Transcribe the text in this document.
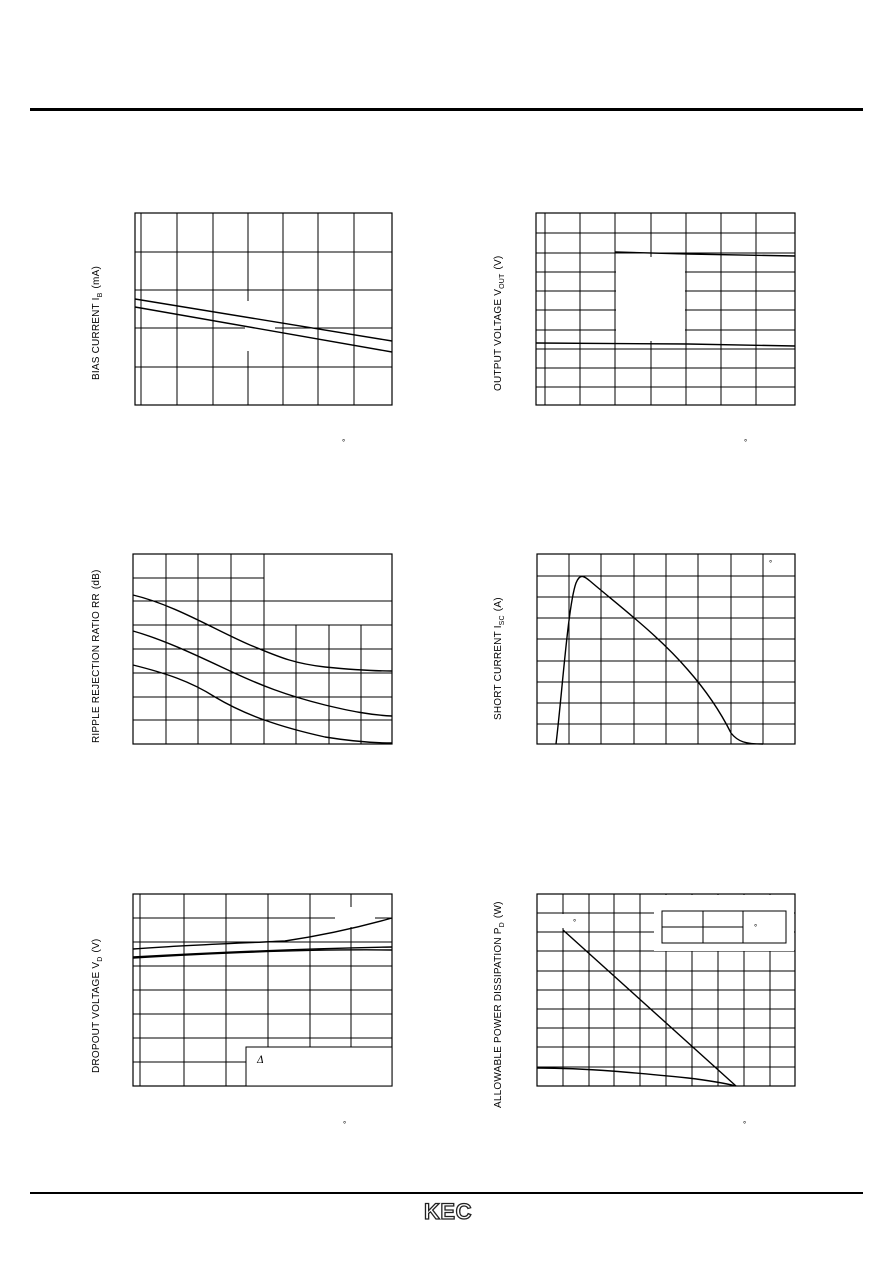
BIAS CURRENT $I_B(mA)$
°
OUTPUT VOLTAGE $V_{OUT}(V)$
°
RIPPLE REJECTION RATIO RR(dB)
SHORT CURRENT $I_{SC}(A)$
°
Δ
DROPOUT VOLTAGE $V_D(V)$
°
°
°
ALLOWABLE POWER DISSIPATION $P_D(W)$
°
KEC
